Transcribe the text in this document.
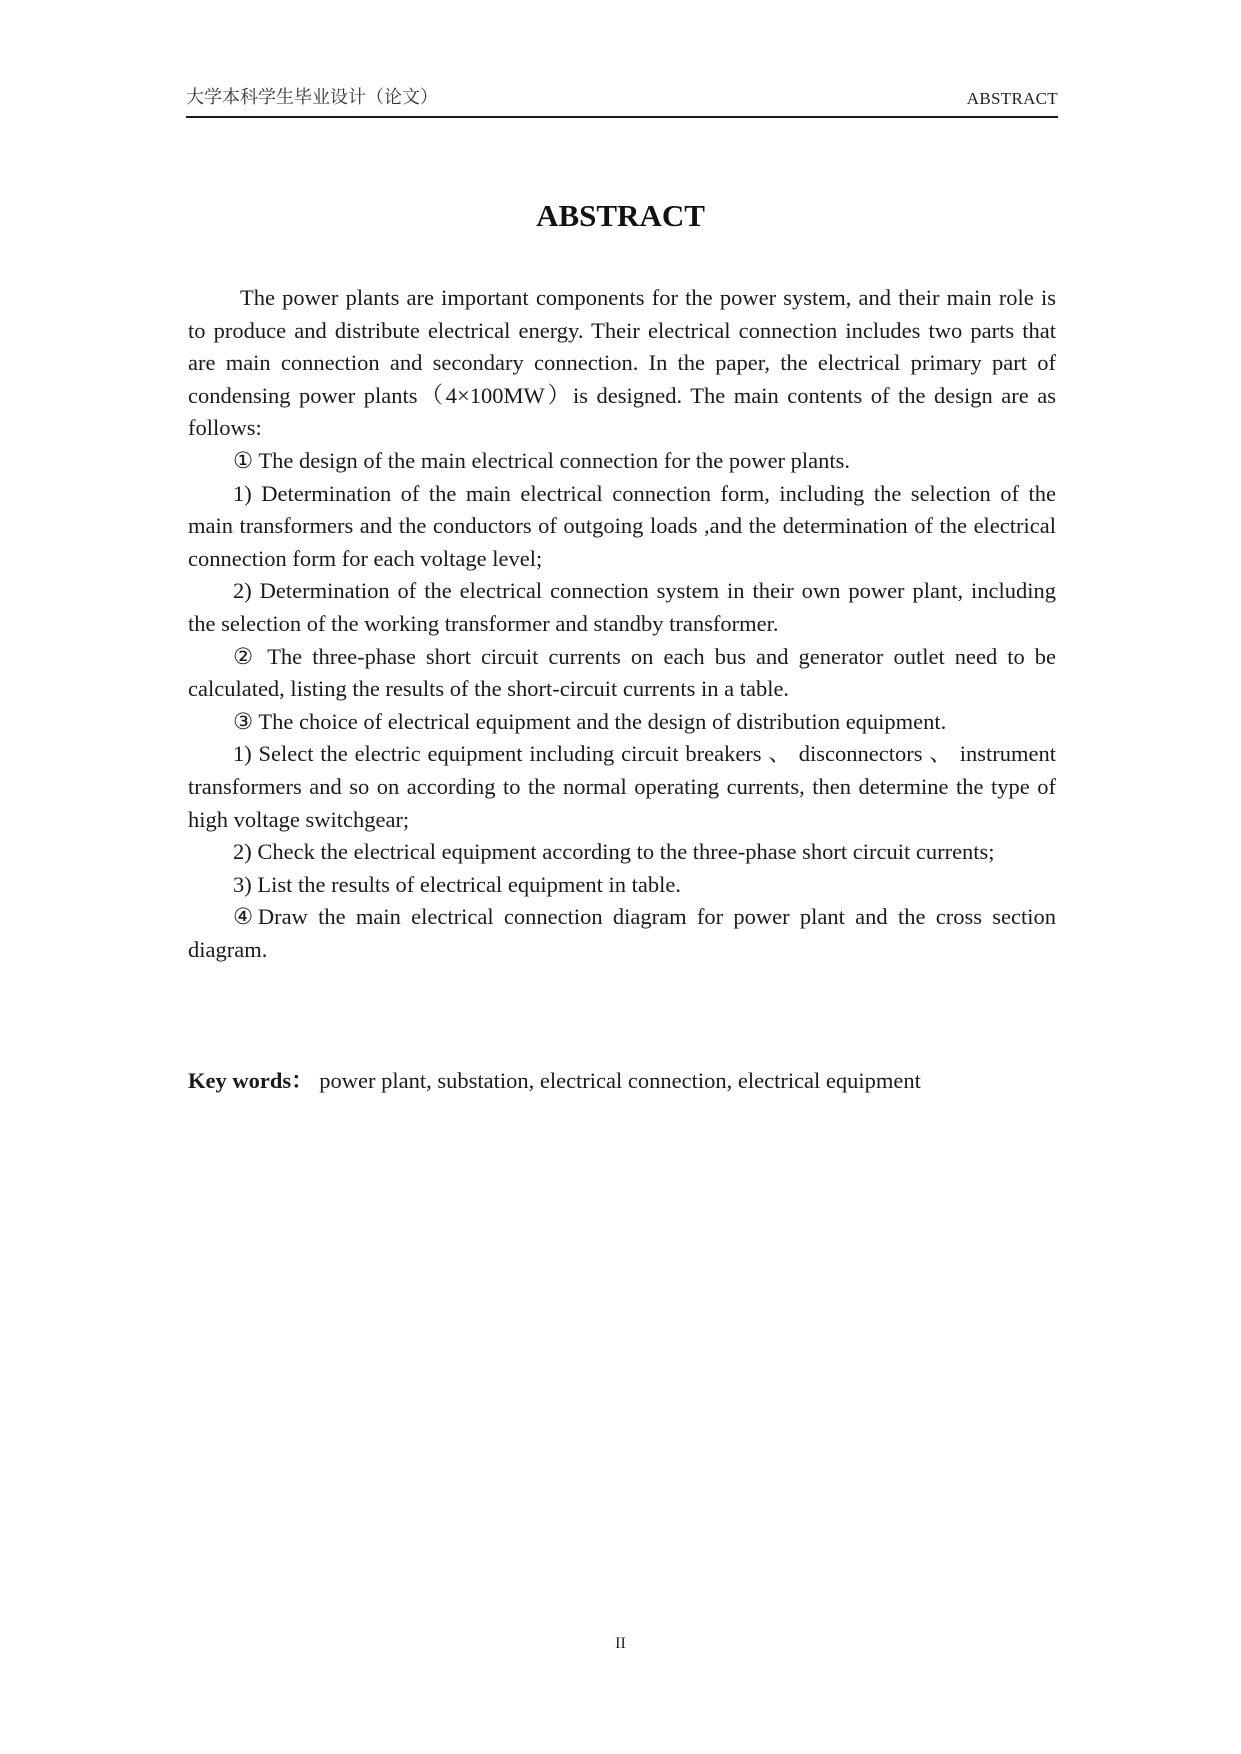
大学本科学生毕业设计（论文）	ABSTRACT
ABSTRACT

The power plants are important components for the power system, and their main role is to produce and distribute electrical energy. Their electrical connection includes two parts that are main connection and secondary connection. In the paper, the electrical primary part of condensing power plants（4×100MW）is designed. The main contents of the design are as follows:

① The design of the main electrical connection for the power plants.

1) Determination of the main electrical connection form, including the selection of the main transformers and the conductors of outgoing loads ,and the determination of the electrical connection form for each voltage level;

2) Determination of the electrical connection system in their own power plant, including the selection of the working transformer and standby transformer.

② The three-phase short circuit currents on each bus and generator outlet need to be calculated, listing the results of the short-circuit currents in a table.

③ The choice of electrical equipment and the design of distribution equipment.

1) Select the electric equipment including circuit breakers 、 disconnectors 、 instrument transformers and so on according to the normal operating currents, then determine the type of high voltage switchgear;

2) Check the electrical equipment according to the three-phase short circuit currents;

3) List the results of electrical equipment in table.

④Draw the main electrical connection diagram for power plant and the cross section diagram.

Key words： power plant, substation, electrical connection, electrical equipment
II
